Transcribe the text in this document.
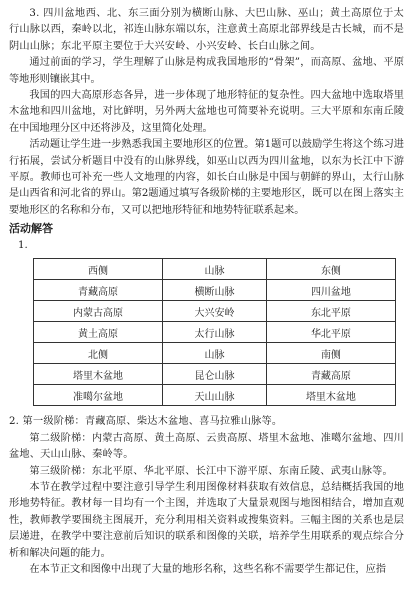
3. 四川盆地西、北、东三面分别为横断山脉、大巴山脉、巫山；黄土高原位于太行山脉以西，秦岭以北，祁连山脉东端以东，注意黄土高原北部界线是古长城，而不是阴山山脉；东北平原主要位于大兴安岭、小兴安岭、长白山脉之间。

通过前面的学习，学生理解了山脉是构成我国地形的“骨架”，而高原、盆地、平原等地形则镶嵌其中。

我国的四大高原形态各异，进一步体现了地形特征的复杂性。四大盆地中选取塔里木盆地和四川盆地，对比鲜明，另外两大盆地也可简要补充说明。三大平原和东南丘陵在中国地理分区中还将涉及，这里简化处理。

活动题让学生进一步熟悉我国主要地形区的位置。第1题可以鼓励学生将这个练习进行拓展，尝试分析题目中没有的山脉界线，如巫山以西为四川盆地，以东为长江中下游平原。教师也可补充一些人文地理的内容，如长白山脉是中国与朝鲜的界山，太行山脉是山西省和河北省的界山。第2题通过填写各级阶梯的主要地形区，既可以在图上落实主要地形区的名称和分布，又可以把地形特征和地势特征联系起来。

活动解答
1.
西侧	山脉	东侧
青藏高原	横断山脉	四川盆地
内蒙古高原	大兴安岭	东北平原
黄土高原	太行山脉	华北平原
北侧	山脉	南侧
塔里木盆地	昆仑山脉	青藏高原
准噶尔盆地	天山山脉	塔里木盆地

2. 第一级阶梯：青藏高原、柴达木盆地、喜马拉雅山脉等。

第二级阶梯：内蒙古高原、黄土高原、云贵高原、塔里木盆地、准噶尔盆地、四川盆地、天山山脉、秦岭等。

第三级阶梯：东北平原、华北平原、长江中下游平原、东南丘陵、武夷山脉等。

本节在教学过程中要注意引导学生利用图像材料获取有效信息，总结概括我国的地形地势特征。教材每一目均有一个主图，并选取了大量景观图与地图相结合，增加直观性，教师教学要围绕主图展开，充分利用相关资料或搜集资料。三幅主图的关系也是层层递进，在教学中要注意前后知识的联系和图像的关联，培养学生用联系的观点综合分析和解决问题的能力。

在本节正文和图像中出现了大量的地形名称，这些名称不需要学生都记住，应指
